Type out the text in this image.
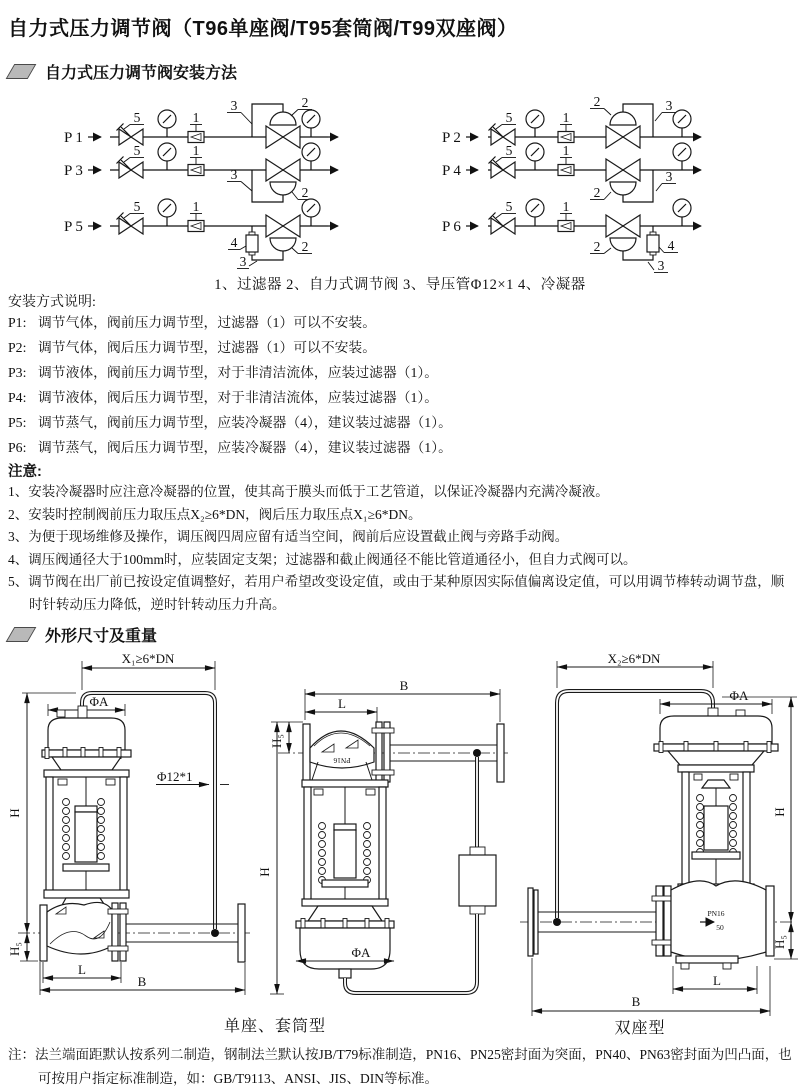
自力式压力调节阀（T96单座阀/T95套筒阀/T99双座阀）
自力式压力调节阀安装方法
P1
5	1
3	2
P3
5	1
3
2
P5
5	1
4
3
2
P2
5	1
2	3
P4
5	1
3
2
P6
5	1
4
3
2
1、过滤器 2、自力式调节阀 3、导压管Φ12×1 4、冷凝器
安装方式说明:
P1: 调节气体，阀前压力调节型，过滤器（1）可以不安装。
P2: 调节气体，阀后压力调节型，过滤器（1）可以不安装。
P3: 调节液体，阀前压力调节型，对于非清洁流体，应装过滤器（1）。
P4: 调节液体，阀后压力调节型，对于非清洁流体，应装过滤器（1）。
P5: 调节蒸气，阀前压力调节型，应装冷凝器（4），建议装过滤器（1）。
P6: 调节蒸气，阀后压力调节型，应装冷凝器（4），建议装过滤器（1）。
注意:
1、安装冷凝器时应注意冷凝器的位置，使其高于膜头而低于工艺管道，以保证冷凝器内充满冷凝液。
2、安装时控制阀前压力取压点X₂≥6*DN，阀后压力取压点X₁≥6*DN。
3、为便于现场维修及操作，调压阀四周应留有适当空间，阀前后应设置截止阀与旁路手动阀。
4、调压阀通径大于100mm时，应装固定支架；过滤器和截止阀通径不能比管道通径小，但自力式阀可以。
5、调节阀在出厂前已按设定值调整好，若用户希望改变设定值，或由于某种原因实际值偏离设定值，可以用调节棒转动调节盘，顺时针转动压力降低，逆时针转动压力升高。
外形尺寸及重量
X₁≥6*DN
H
ΦA
Φ12*1
H₅
L
B
B
L
H₅
H
PN16
ΦA
X₂≥6*DN
ΦA
PN16
50
H
H₅
L
B
单座、套筒型	双座型
注：法兰端面距默认按系列二制造，钢制法兰默认按JB/T79标准制造，PN16、PN25密封面为突面，PN40、PN63密封面为凹凸面，也可按用户指定标准制造，如：GB/T9113、ANSI、JIS、DIN等标准。
